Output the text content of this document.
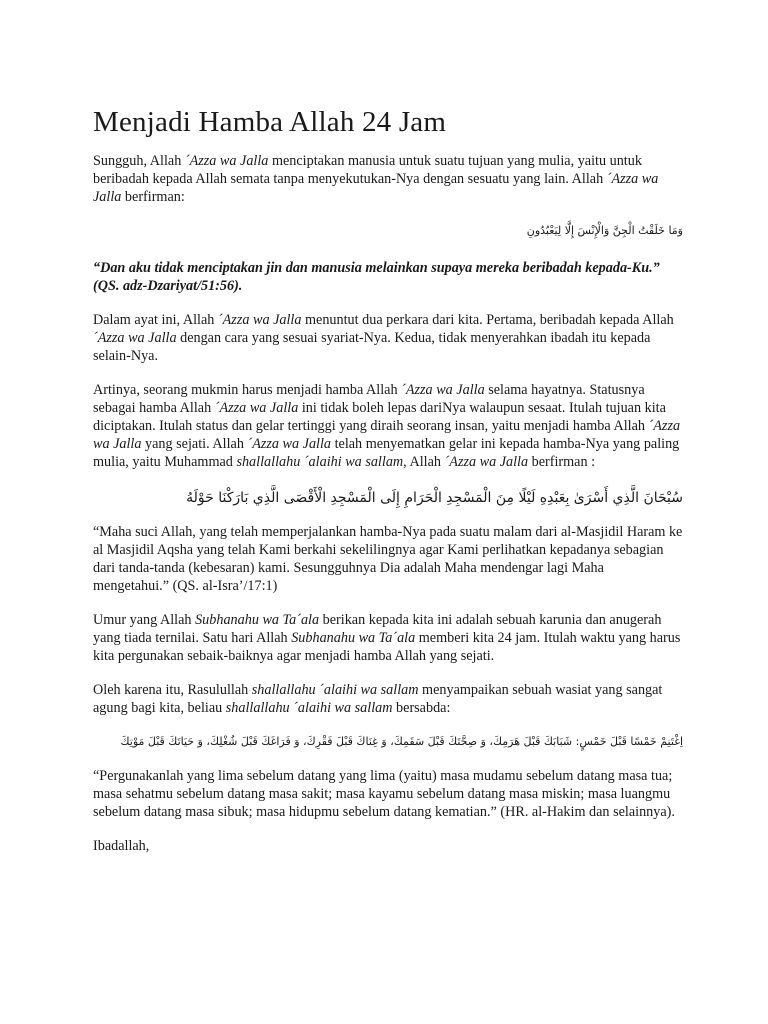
Menjadi Hamba Allah 24 Jam

Sungguh, Allah ´Azza wa Jalla menciptakan manusia untuk suatu tujuan yang mulia, yaitu untuk beribadah kepada Allah semata tanpa menyekutukan-Nya dengan sesuatu yang lain. Allah ´Azza wa Jalla berfirman:

وَمَا خَلَقْتُ الْجِنَّ وَالْإِنْسَ إِلَّا لِيَعْبُدُونِ

“Dan aku tidak menciptakan jin dan manusia melainkan supaya mereka beribadah kepada-Ku.” (QS. adz-Dzariyat/51:56).

Dalam ayat ini, Allah ´Azza wa Jalla menuntut dua perkara dari kita. Pertama, beribadah kepada Allah ´Azza wa Jalla dengan cara yang sesuai syariat-Nya. Kedua, tidak menyerahkan ibadah itu kepada selain-Nya.

Artinya, seorang mukmin harus menjadi hamba Allah ´Azza wa Jalla selama hayatnya. Statusnya sebagai hamba Allah ´Azza wa Jalla ini tidak boleh lepas dariNya walaupun sesaat. Itulah tujuan kita diciptakan. Itulah status dan gelar tertinggi yang diraih seorang insan, yaitu menjadi hamba Allah ´Azza wa Jalla yang sejati. Allah ´Azza wa Jalla telah menyematkan gelar ini kepada hamba-Nya yang paling mulia, yaitu Muhammad shallallahu ´alaihi wa sallam, Allah ´Azza wa Jalla berfirman :

سُبْحَانَ الَّذِي أَسْرَىٰ بِعَبْدِهِ لَيْلًا مِنَ الْمَسْجِدِ الْحَرَامِ إِلَى الْمَسْجِدِ الْأَقْصَى الَّذِي بَارَكْنَا حَوْلَهُ

“Maha suci Allah, yang telah memperjalankan hamba-Nya pada suatu malam dari al-Masjidil Haram ke al Masjidil Aqsha yang telah Kami berkahi sekelilingnya agar Kami perlihatkan kepadanya sebagian dari tanda-tanda (kebesaran) kami. Sesungguhnya Dia adalah Maha mendengar lagi Maha mengetahui.” (QS. al-Isra’/17:1)

Umur yang Allah Subhanahu wa Ta´ala berikan kepada kita ini adalah sebuah karunia dan anugerah yang tiada ternilai. Satu hari Allah Subhanahu wa Ta´ala memberi kita 24 jam. Itulah waktu yang harus kita pergunakan sebaik-baiknya agar menjadi hamba Allah yang sejati.

Oleh karena itu, Rasulullah shallallahu ´alaihi wa sallam menyampaikan sebuah wasiat yang sangat agung bagi kita, beliau shallallahu ´alaihi wa sallam bersabda:

اِغْتَنِمْ خَمْسًا قَبْلَ خَمْسٍ: شَبَابَكَ قَبْلَ هَرَمِكَ، وَ صِحَّتَكَ قَبْلَ سَقَمِكَ، وَ غِنَاكَ قَبْلَ فَقْرِكَ، وَ فَرَاغَكَ قَبْلَ شُغْلِكَ، وَ حَيَاتَكَ قَبْلَ مَوْتِكَ

“Pergunakanlah yang lima sebelum datang yang lima (yaitu) masa mudamu sebelum datang masa tua; masa sehatmu sebelum datang masa sakit; masa kayamu sebelum datang masa miskin; masa luangmu sebelum datang masa sibuk; masa hidupmu sebelum datang kematian.” (HR. al-Hakim dan selainnya).

Ibadallah,
